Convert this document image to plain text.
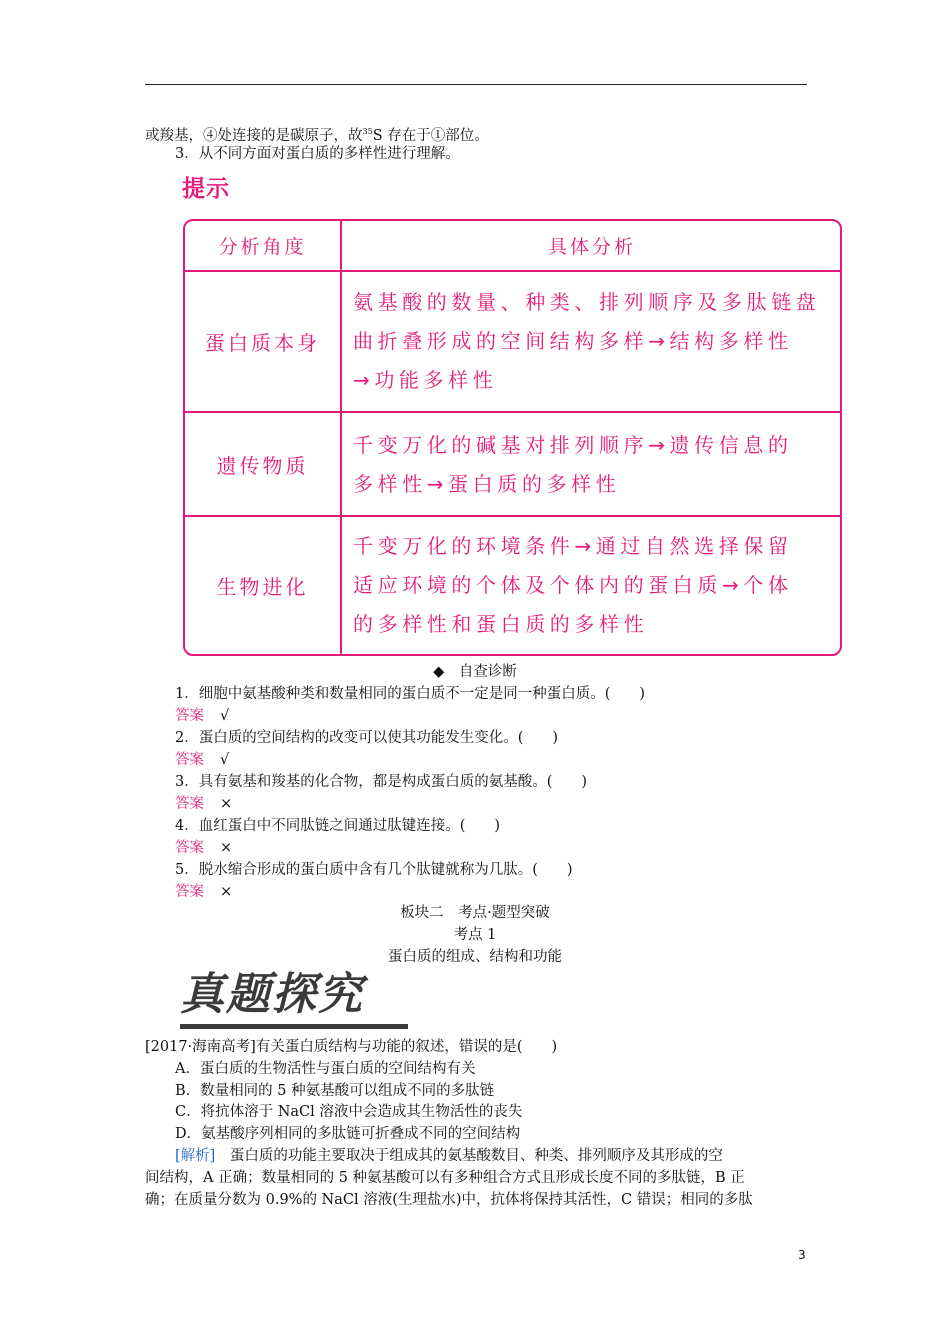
或羧基，④处连接的是碳原子，故$^{35}$S 存在于①部位。
3．从不同方面对蛋白质的多样性进行理解。
提示
分析角度	具体分析
蛋白质本身
氨基酸的数量、种类、排列顺序及多肽链盘
曲折叠形成的空间结构多样→结构多样性
→功能多样性
遗传物质
千变万化的碱基对排列顺序→遗传信息的
多样性→蛋白质的多样性
生物进化
千变万化的环境条件→通过自然选择保留
适应环境的个体及个体内的蛋白质→个体
的多样性和蛋白质的多样性
◆　自查诊断
1．细胞中氨基酸种类和数量相同的蛋白质不一定是同一种蛋白质。(　　)
答案 √
2．蛋白质的空间结构的改变可以使其功能发生变化。(　　)
答案 √
3．具有氨基和羧基的化合物，都是构成蛋白质的氨基酸。(　　)
答案 ×
4．血红蛋白中不同肽链之间通过肽键连接。(　　)
答案 ×
5．脱水缩合形成的蛋白质中含有几个肽键就称为几肽。(　　)
答案 ×
板块二　考点·题型突破
考点 1
蛋白质的组成、结构和功能
真题探究
[2017·海南高考]有关蛋白质结构与功能的叙述，错误的是(　　)
A．蛋白质的生物活性与蛋白质的空间结构有关
B．数量相同的 5 种氨基酸可以组成不同的多肽链
C．将抗体溶于 NaCl 溶液中会造成其生物活性的丧失
D．氨基酸序列相同的多肽链可折叠成不同的空间结构
[解析]　蛋白质的功能主要取决于组成其的氨基酸数目、种类、排列顺序及其形成的空
间结构，A 正确；数量相同的 5 种氨基酸可以有多种组合方式且形成长度不同的多肽链，B 正
确；在质量分数为 0.9%的 NaCl 溶液(生理盐水)中，抗体将保持其活性，C 错误；相同的多肽
3
